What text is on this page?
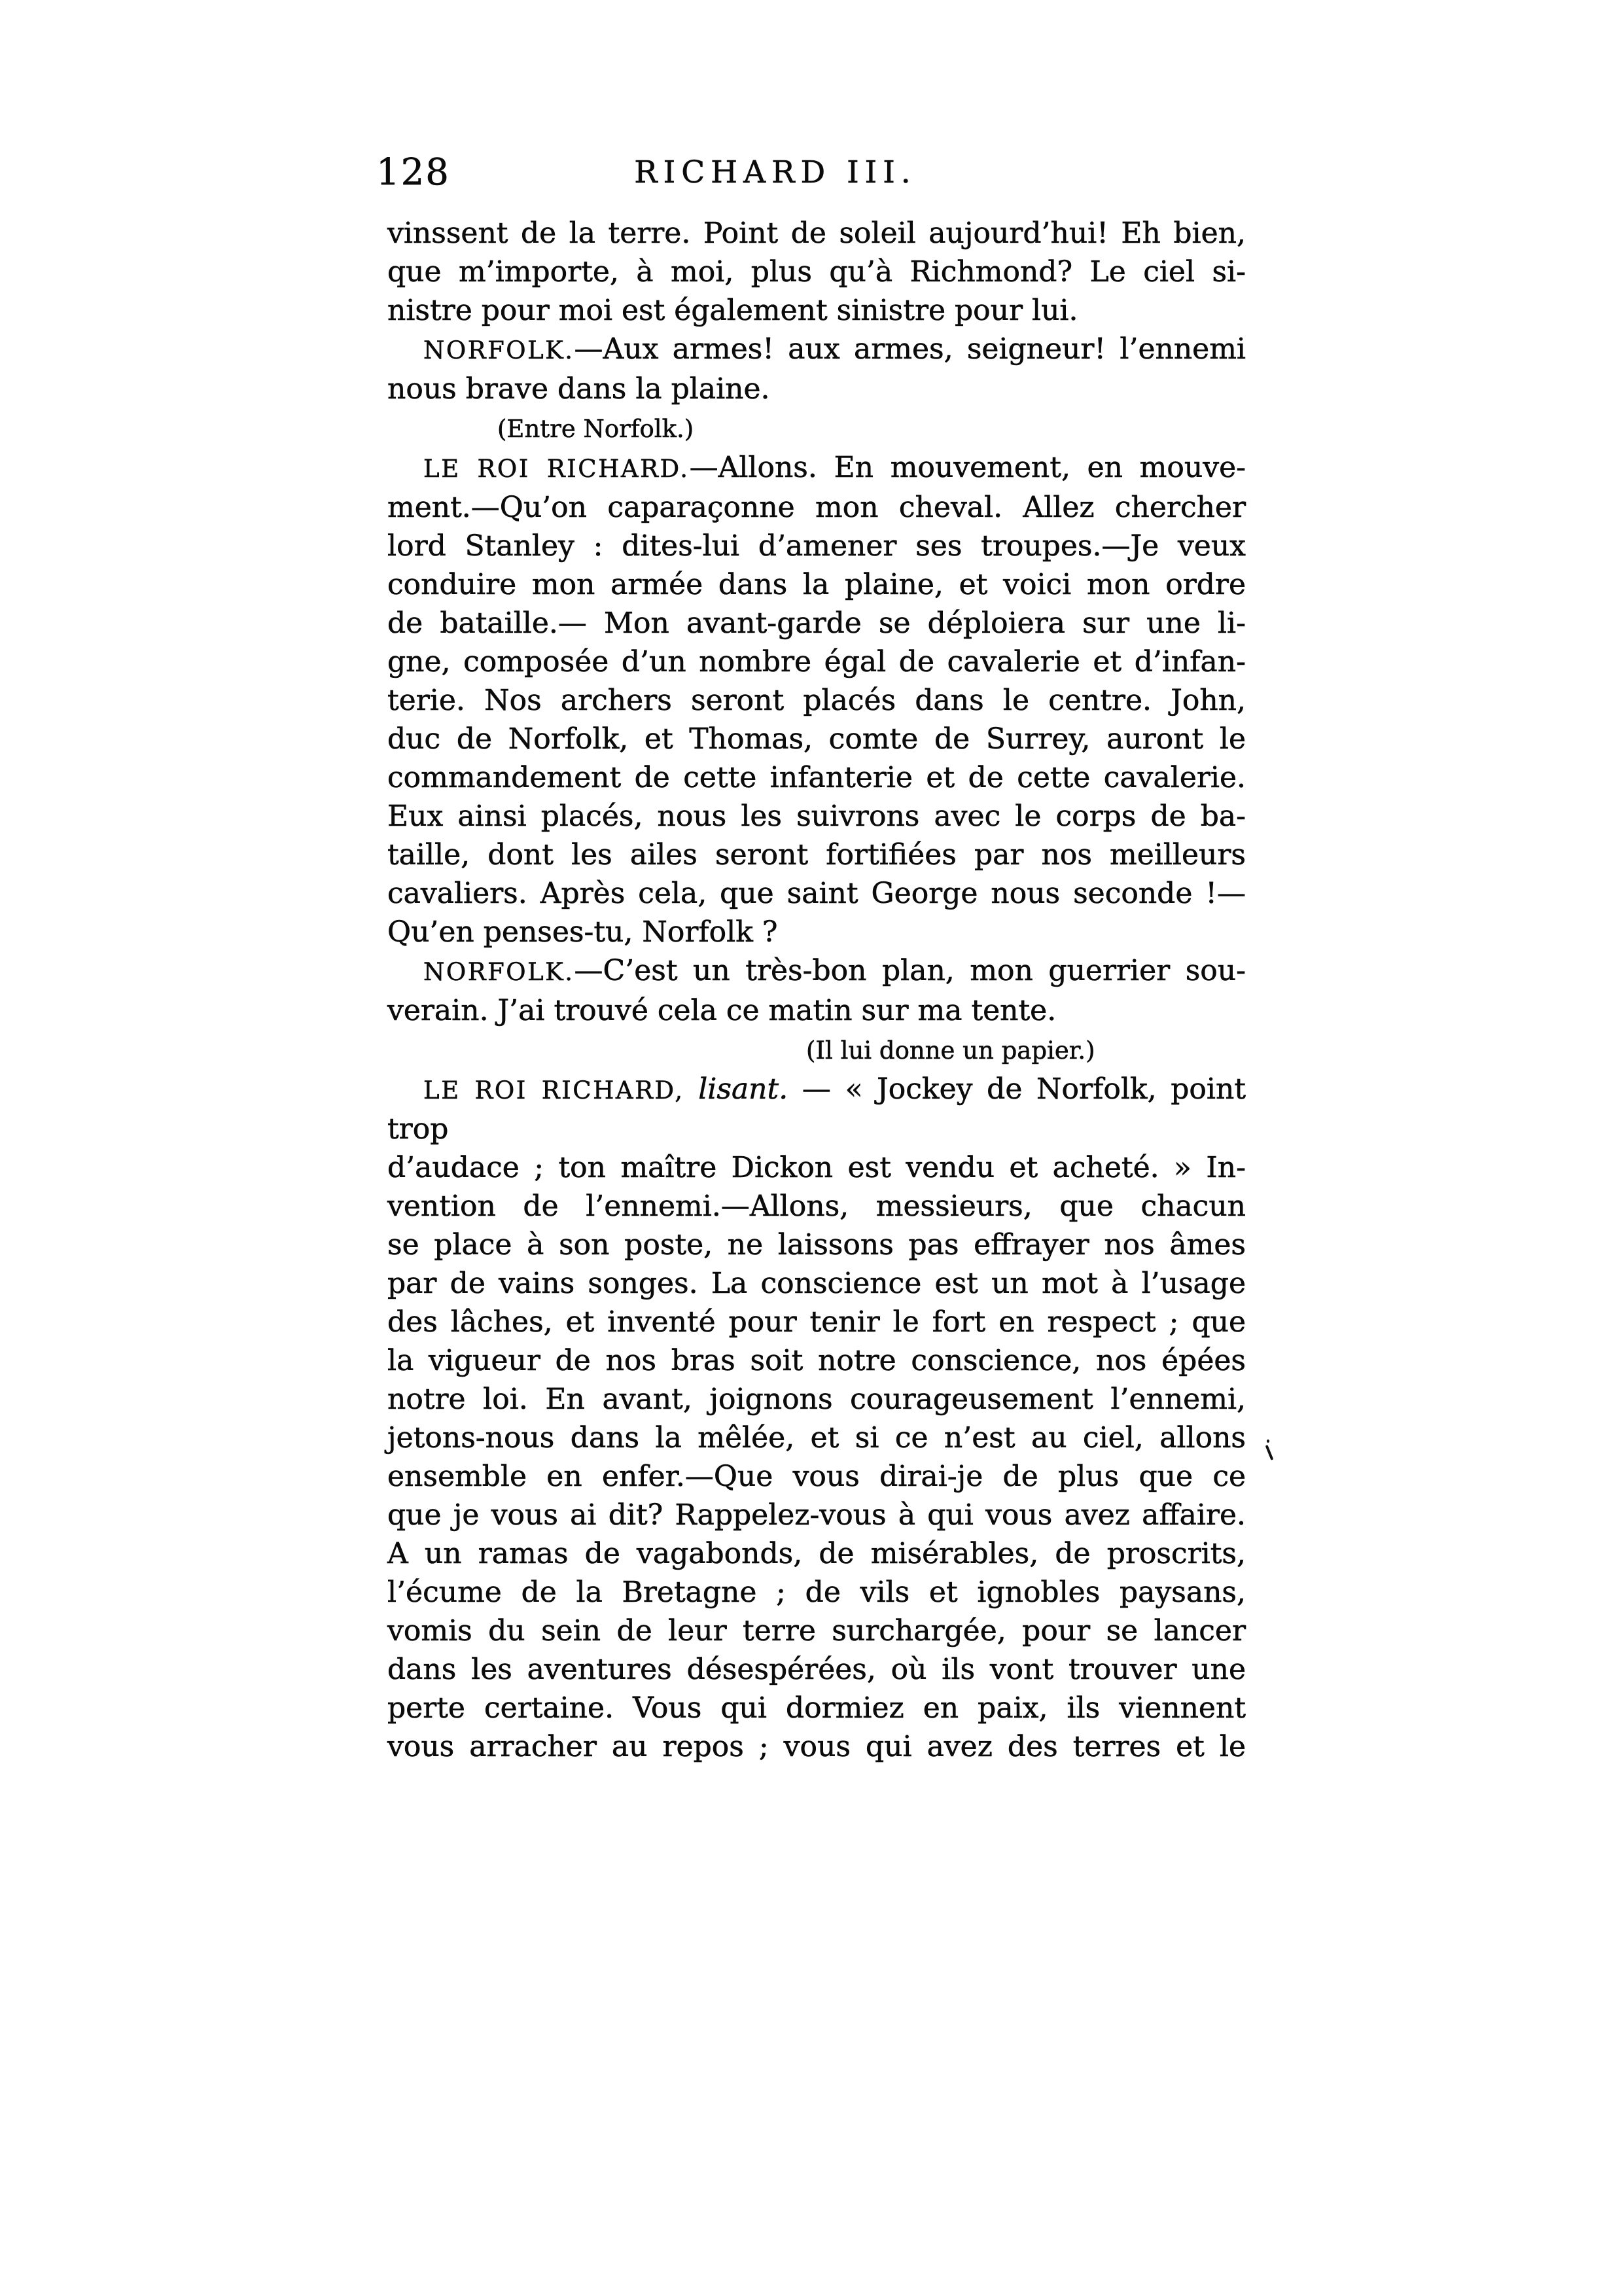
128	RICHARD III.
vinssent de la terre. Point de soleil aujourd’hui! Eh bien,
que m’importe, à moi, plus qu’à Richmond? Le ciel si-
nistre pour moi est également sinistre pour lui.
NORFOLK.—Aux armes! aux armes, seigneur! l’ennemi
nous brave dans la plaine.
(Entre Norfolk.)
LE ROI RICHARD.—Allons. En mouvement, en mouve-
ment.—Qu’on caparaçonne mon cheval. Allez chercher
lord Stanley : dites-lui d’amener ses troupes.—Je veux
conduire mon armée dans la plaine, et voici mon ordre
de bataille.— Mon avant-garde se déploiera sur une li-
gne, composée d’un nombre égal de cavalerie et d’infan-
terie. Nos archers seront placés dans le centre. John,
duc de Norfolk, et Thomas, comte de Surrey, auront le
commandement de cette infanterie et de cette cavalerie.
Eux ainsi placés, nous les suivrons avec le corps de ba-
taille, dont les ailes seront fortifiées par nos meilleurs
cavaliers. Après cela, que saint George nous seconde !—
Qu’en penses-tu, Norfolk ?
NORFOLK.—C’est un très-bon plan, mon guerrier sou-
verain. J’ai trouvé cela ce matin sur ma tente.
(Il lui donne un papier.)
LE ROI RICHARD, lisant. — « Jockey de Norfolk, point trop
d’audace ; ton maître Dickon est vendu et acheté. » In-
vention de l’ennemi.—Allons, messieurs, que chacun
se place à son poste, ne laissons pas effrayer nos âmes
par de vains songes. La conscience est un mot à l’usage
des lâches, et inventé pour tenir le fort en respect ; que
la vigueur de nos bras soit notre conscience, nos épées
notre loi. En avant, joignons courageusement l’ennemi,
jetons-nous dans la mêlée, et si ce n’est au ciel, allons
ensemble en enfer.—Que vous dirai-je de plus que ce
que je vous ai dit? Rappelez-vous à qui vous avez affaire.
A un ramas de vagabonds, de misérables, de proscrits,
l’écume de la Bretagne ; de vils et ignobles paysans,
vomis du sein de leur terre surchargée, pour se lancer
dans les aventures désespérées, où ils vont trouver une
perte certaine. Vous qui dormiez en paix, ils viennent
vous arracher au repos ; vous qui avez des terres et le
